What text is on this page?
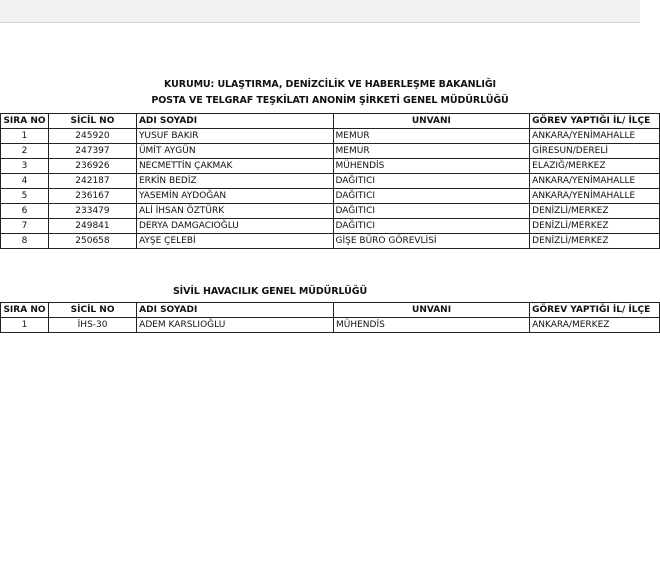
KURUMU: ULAŞTIRMA, DENİZCİLİK VE HABERLEŞME BAKANLIĞI
POSTA VE TELGRAF TEŞKİLATI ANONİM ŞİRKETİ GENEL MÜDÜRLÜĞÜ
SIRA NO	SİCİL NO	ADI SOYADI	UNVANI	GÖREV YAPTIĞI İL/ İLÇE
1	245920	YUSUF BAKIR	MEMUR	ANKARA/YENİMAHALLE
2	247397	ÜMİT AYGÜN	MEMUR	GİRESUN/DERELİ
3	236926	NECMETTİN ÇAKMAK	MÜHENDİS	ELAZIĞ/MERKEZ
4	242187	ERKİN BEDİZ	DAĞITICI	ANKARA/YENİMAHALLE
5	236167	YASEMİN AYDOĞAN	DAĞITICI	ANKARA/YENİMAHALLE
6	233479	ALİ İHSAN ÖZTÜRK	DAĞITICI	DENİZLİ/MERKEZ
7	249841	DERYA DAMGACIOĞLU	DAĞITICI	DENİZLİ/MERKEZ
8	250658	AYŞE ÇELEBİ	GİŞE BÜRO GÖREVLİSİ	DENİZLİ/MERKEZ
SİVİL HAVACILIK GENEL MÜDÜRLÜĞÜ
SIRA NO	SİCİL NO	ADI SOYADI	UNVANI	GÖREV YAPTIĞI İL/ İLÇE
1	İHS-30	ADEM KARSLIOĞLU	MÜHENDİS	ANKARA/MERKEZ
